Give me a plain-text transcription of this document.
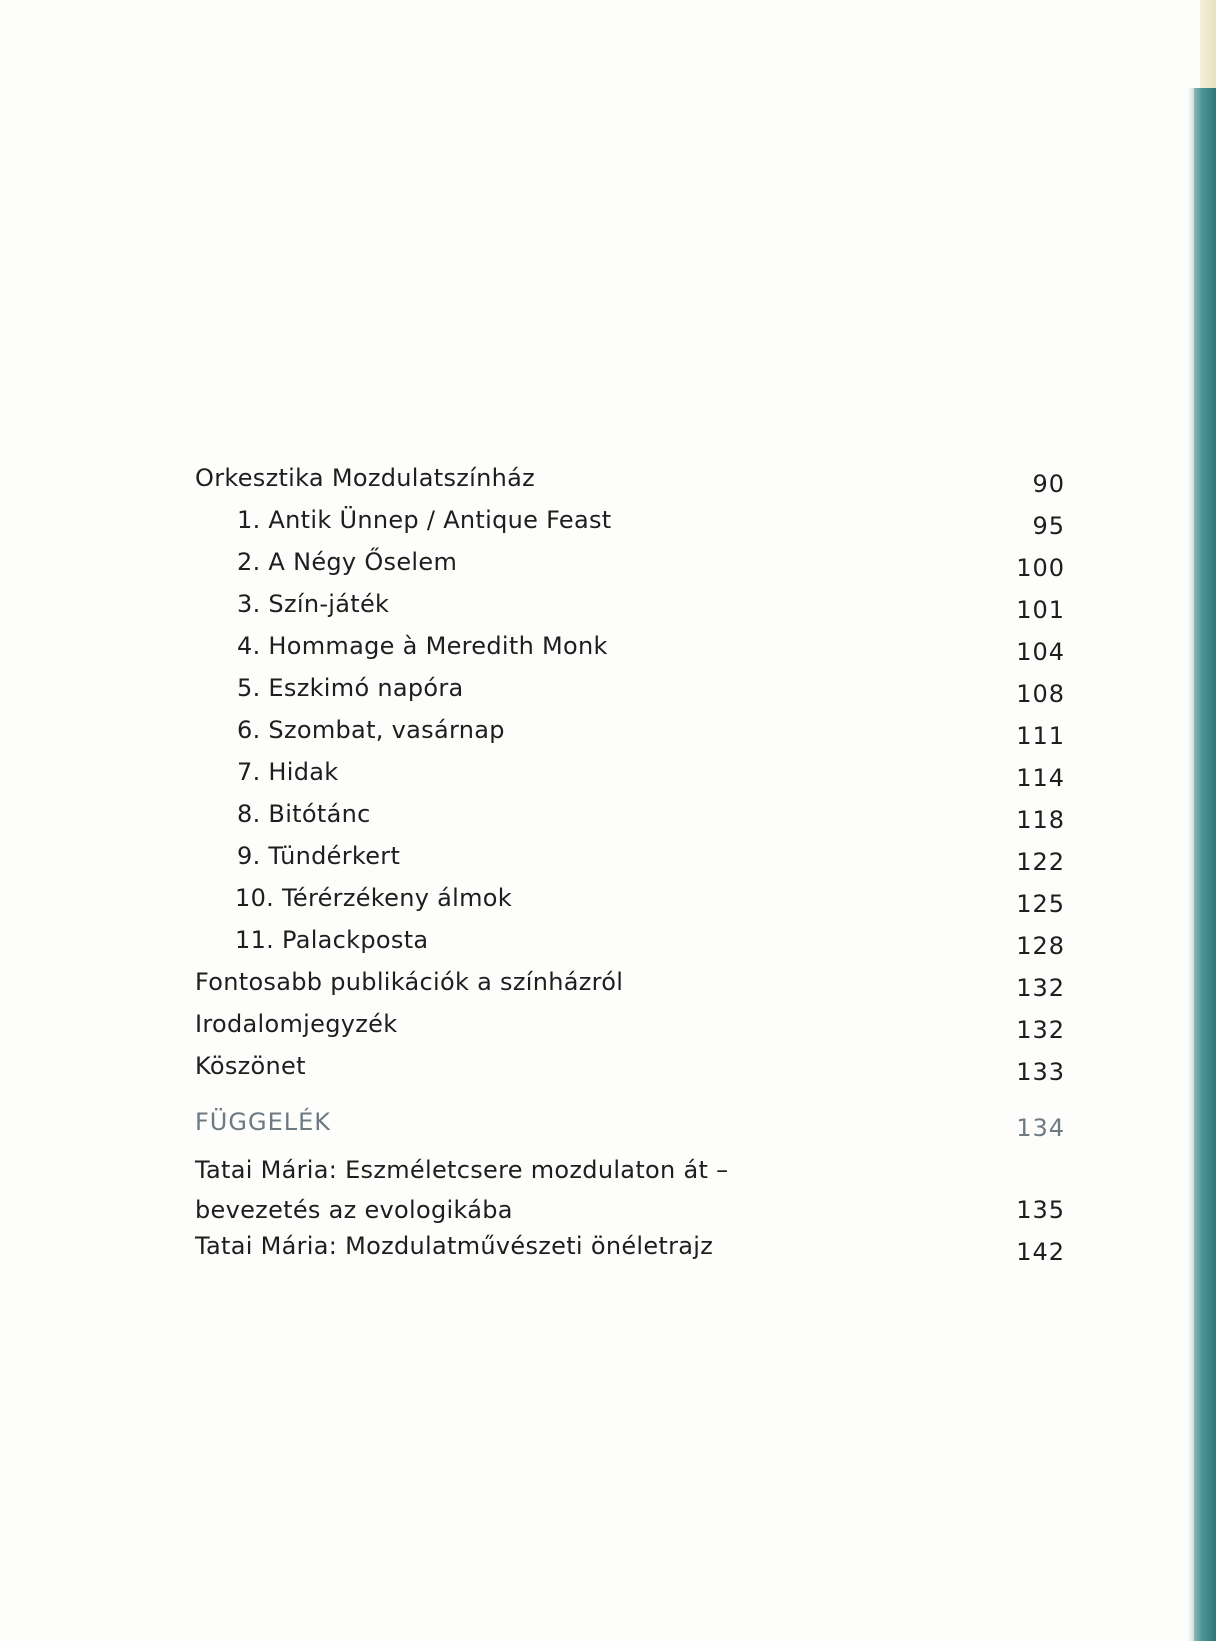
Orkesztika Mozdulatszínház	90
1. Antik Ünnep / Antique Feast	95
2. A Négy Őselem	100
3. Szín-játék	101
4. Hommage à Meredith Monk	104
5. Eszkimó napóra	108
6. Szombat, vasárnap	111
7. Hidak	114
8. Bitótánc	118
9. Tündérkert	122
10. Térérzékeny álmok	125
11. Palackposta	128
Fontosabb publikációk a színházról	132
Irodalomjegyzék	132
Köszönet	133
FÜGGELÉK	134
Tatai Mária: Eszméletcsere mozdulaton át –
bevezetés az evologikába	135
Tatai Mária: Mozdulatművészeti önéletrajz	142
